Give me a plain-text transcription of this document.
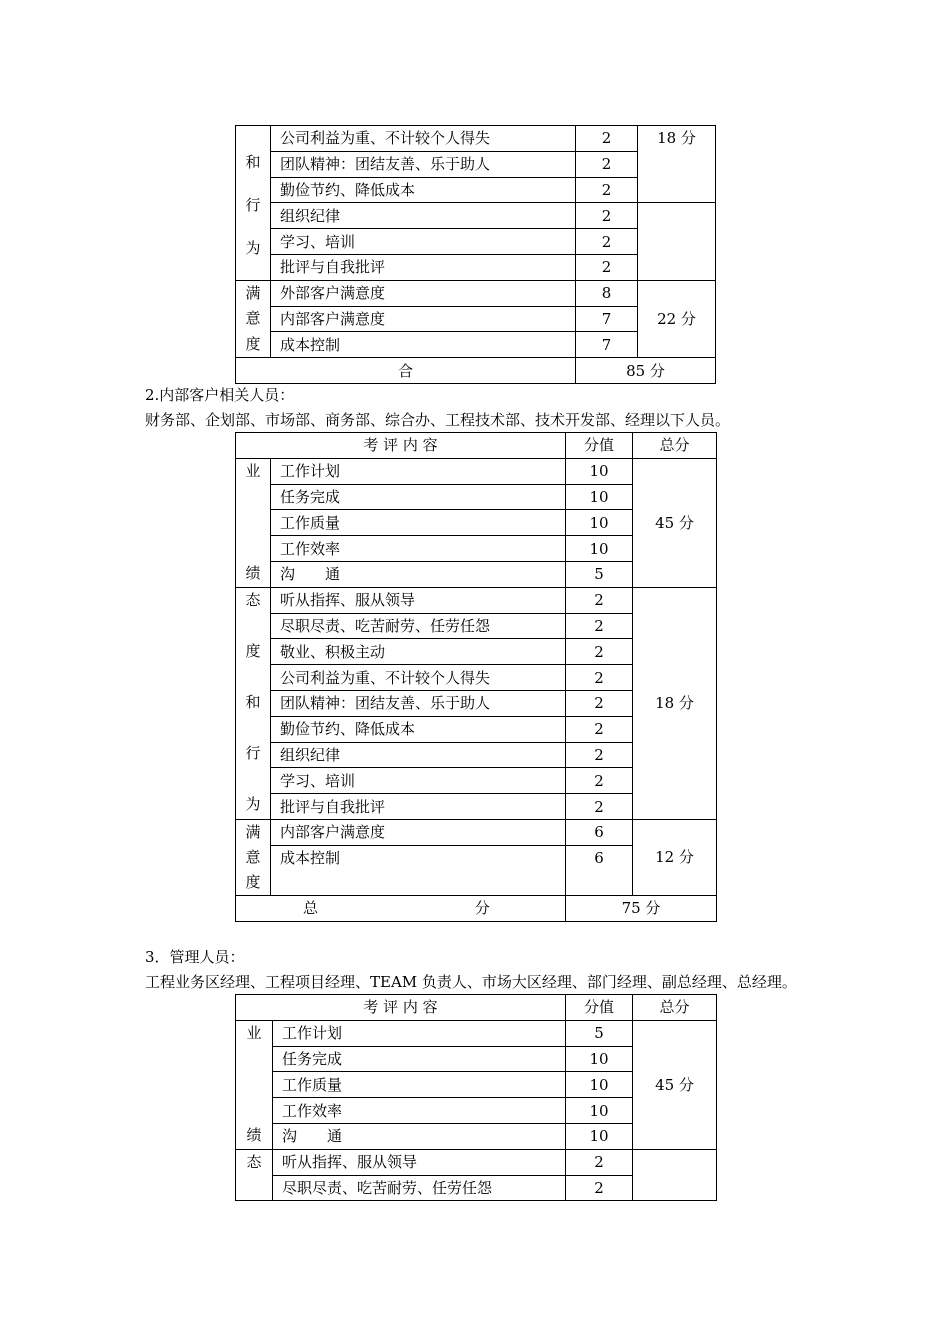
和
行
为	公司利益为重、不计较个人得失	2	18 分
	团队精神：团结友善、乐于助人	2	
	勤俭节约、降低成本	2	
	组织纪律	2	
	学习、培训	2	
	批评与自我批评	2	

满
意
度	外部客户满意度	8	22 分
	内部客户满意度	7	
	成本控制	7	
合		85 分	
2.内部客户相关人员：
财务部、企划部、市场部、商务部、综合办、工程技术部、技术开发部、经理以下人员。
考 评 内 容		分值	总分

业
绩	工作计划	10	45 分
	任务完成	10	
	工作质量	10	
	工作效率	10	
	沟　　通	5	

态
度
和
行
为	听从指挥、服从领导	2	18 分
	尽职尽责、吃苦耐劳、任劳任怨	2	
	敬业、积极主动	2	
	公司利益为重、不计较个人得失	2	
	团队精神：团结友善、乐于助人	2	
	勤俭节约、降低成本	2	
	组织纪律	2	
	学习、培训	2	
	批评与自我批评	2	

满
意
度	内部客户满意度	6	12 分
	成本控制	6	
总 分		75 分	
3．管理人员：
工程业务区经理、工程项目经理、TEAM 负责人、市场大区经理、部门经理、副总经理、总经理。
考 评 内 容		分值	总分

业
绩	工作计划	5	45 分
	任务完成	10	
	工作质量	10	
	工作效率	10	
	沟　　通	10	

态	听从指挥、服从领导	2	
	尽职尽责、吃苦耐劳、任劳任怨	2	
